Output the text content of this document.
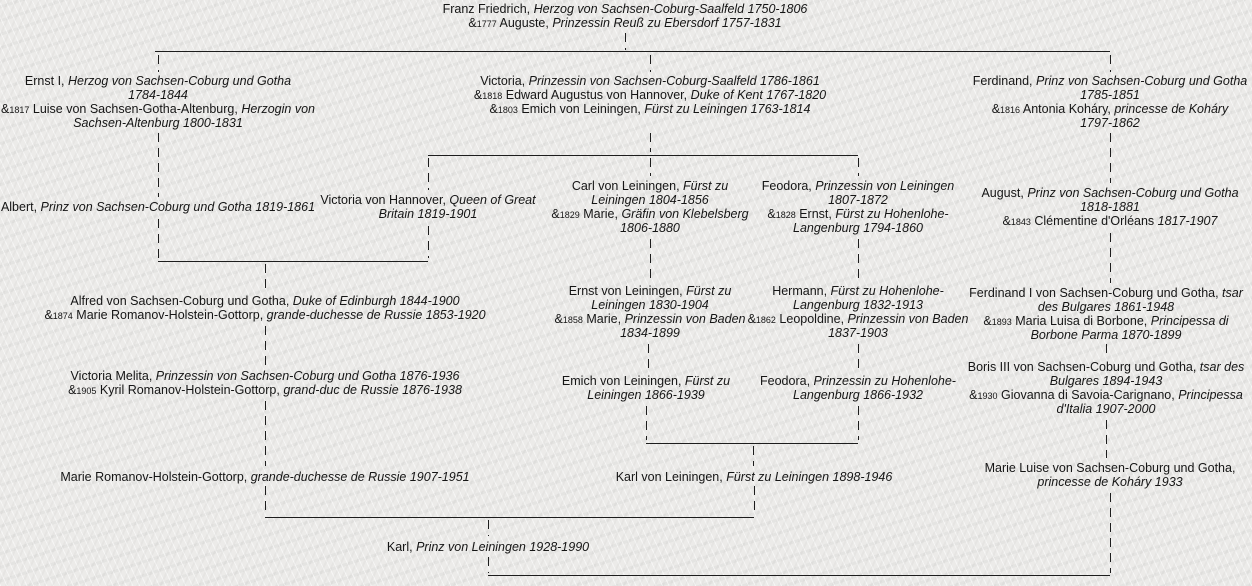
Franz Friedrich, Herzog von Sachsen-Coburg-Saalfeld 1750-1806
&1777 Auguste, Prinzessin Reuß zu Ebersdorf 1757-1831
Ernst I, Herzog von Sachsen-Coburg und Gotha
1784-1844
&1817 Luise von Sachsen-Gotha-Altenburg, Herzogin von
Sachsen-Altenburg 1800-1831
Victoria, Prinzessin von Sachsen-Coburg-Saalfeld 1786-1861
&1818 Edward Augustus von Hannover, Duke of Kent 1767-1820
&1803 Emich von Leiningen, Fürst zu Leiningen 1763-1814
Ferdinand, Prinz von Sachsen-Coburg und Gotha
1785-1851
&1816 Antonia Koháry, princesse de Koháry
1797-1862
Albert, Prinz von Sachsen-Coburg und Gotha 1819-1861 Victoria von Hannover, Queen of Great
Britain 1819-1901
Carl von Leiningen, Fürst zu
Leiningen 1804-1856
&1829 Marie, Gräfin von Klebelsberg
1806-1880
Feodora, Prinzessin von Leiningen
1807-1872
&1828 Ernst, Fürst zu Hohenlohe-
Langenburg 1794-1860
August, Prinz von Sachsen-Coburg und Gotha
1818-1881
&1843 Clémentine d'Orléans 1817-1907
Alfred von Sachsen-Coburg und Gotha, Duke of Edinburgh 1844-1900
&1874 Marie Romanov-Holstein-Gottorp, grande-duchesse de Russie 1853-1920
Ernst von Leiningen, Fürst zu
Leiningen 1830-1904
&1858 Marie, Prinzessin von Baden
1834-1899
Hermann, Fürst zu Hohenlohe-
Langenburg 1832-1913
&1862 Leopoldine, Prinzessin von Baden
1837-1903
Ferdinand I von Sachsen-Coburg und Gotha, tsar
des Bulgares 1861-1948
&1893 Maria Luisa di Borbone, Principessa di
Borbone Parma 1870-1899
Victoria Melita, Prinzessin von Sachsen-Coburg und Gotha 1876-1936
&1905 Kyril Romanov-Holstein-Gottorp, grand-duc de Russie 1876-1938
Emich von Leiningen, Fürst zu
Leiningen 1866-1939
Feodora, Prinzessin zu Hohenlohe-
Langenburg 1866-1932
Boris III von Sachsen-Coburg und Gotha, tsar des
Bulgares 1894-1943
&1930 Giovanna di Savoia-Carignano, Principessa
d'Italia 1907-2000
Marie Romanov-Holstein-Gottorp, grande-duchesse de Russie 1907-1951	Karl von Leiningen, Fürst zu Leiningen 1898-1946
Marie Luise von Sachsen-Coburg und Gotha,
princesse de Koháry 1933
Karl, Prinz von Leiningen 1928-1990
